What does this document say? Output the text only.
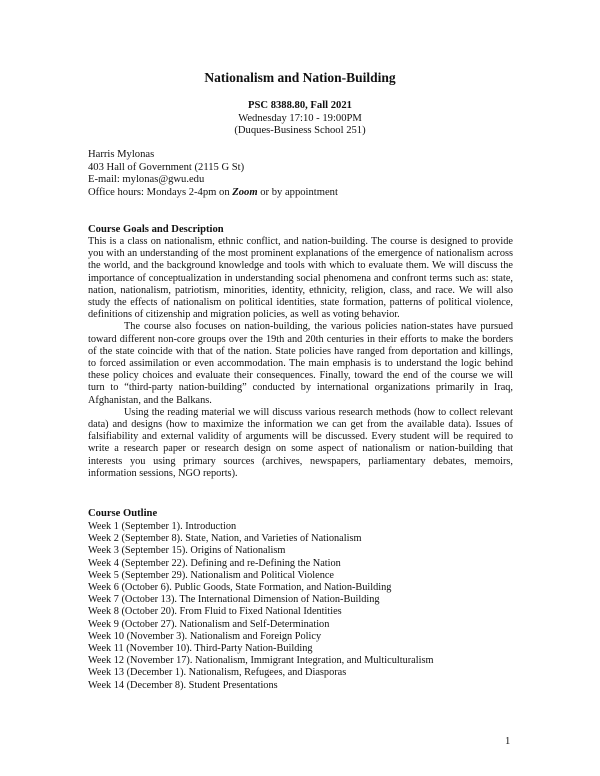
Nationalism and Nation-Building
PSC 8388.80, Fall 2021
Wednesday 17:10 - 19:00PM
(Duques-Business School 251)
Harris Mylonas
403 Hall of Government (2115 G St)
E-mail: mylonas@gwu.edu
Office hours: Mondays 2-4pm on Zoom or by appointment
Course Goals and Description

This is a class on nationalism, ethnic conflict, and nation-building. The course is designed to provide you with an understanding of the most prominent explanations of the emergence of nationalism across the world, and the background knowledge and tools with which to evaluate them. We will discuss the importance of conceptualization in understanding social phenomena and confront terms such as: state, nation, nationalism, patriotism, minorities, identity, ethnicity, religion, class, and race. We will also study the effects of nationalism on political identities, state formation, patterns of political violence, definitions of citizenship and migration policies, as well as voting behavior.

The course also focuses on nation-building, the various policies nation-states have pursued toward different non-core groups over the 19th and 20th centuries in their efforts to make the borders of the state coincide with that of the nation. State policies have ranged from deportation and killings, to forced assimilation or even accommodation. The main emphasis is to understand the logic behind these policy choices and evaluate their consequences. Finally, toward the end of the course we will turn to “third-party nation-building” conducted by international organizations primarily in Iraq, Afghanistan, and the Balkans.

Using the reading material we will discuss various research methods (how to collect relevant data) and designs (how to maximize the information we can get from the available data). Issues of falsifiability and external validity of arguments will be discussed. Every student will be required to write a research paper or research design on some aspect of nationalism or nation-building that interests you using primary sources (archives, newspapers, parliamentary debates, memoirs, information sessions, NGO reports).

Course Outline
Week 1 (September 1). Introduction
Week 2 (September 8). State, Nation, and Varieties of Nationalism
Week 3 (September 15). Origins of Nationalism
Week 4 (September 22). Defining and re-Defining the Nation
Week 5 (September 29). Nationalism and Political Violence
Week 6 (October 6). Public Goods, State Formation, and Nation-Building
Week 7 (October 13). The International Dimension of Nation-Building
Week 8 (October 20). From Fluid to Fixed National Identities
Week 9 (October 27). Nationalism and Self-Determination
Week 10 (November 3). Nationalism and Foreign Policy
Week 11 (November 10). Third-Party Nation-Building
Week 12 (November 17). Nationalism, Immigrant Integration, and Multiculturalism
Week 13 (December 1). Nationalism, Refugees, and Diasporas
Week 14 (December 8). Student Presentations
1
